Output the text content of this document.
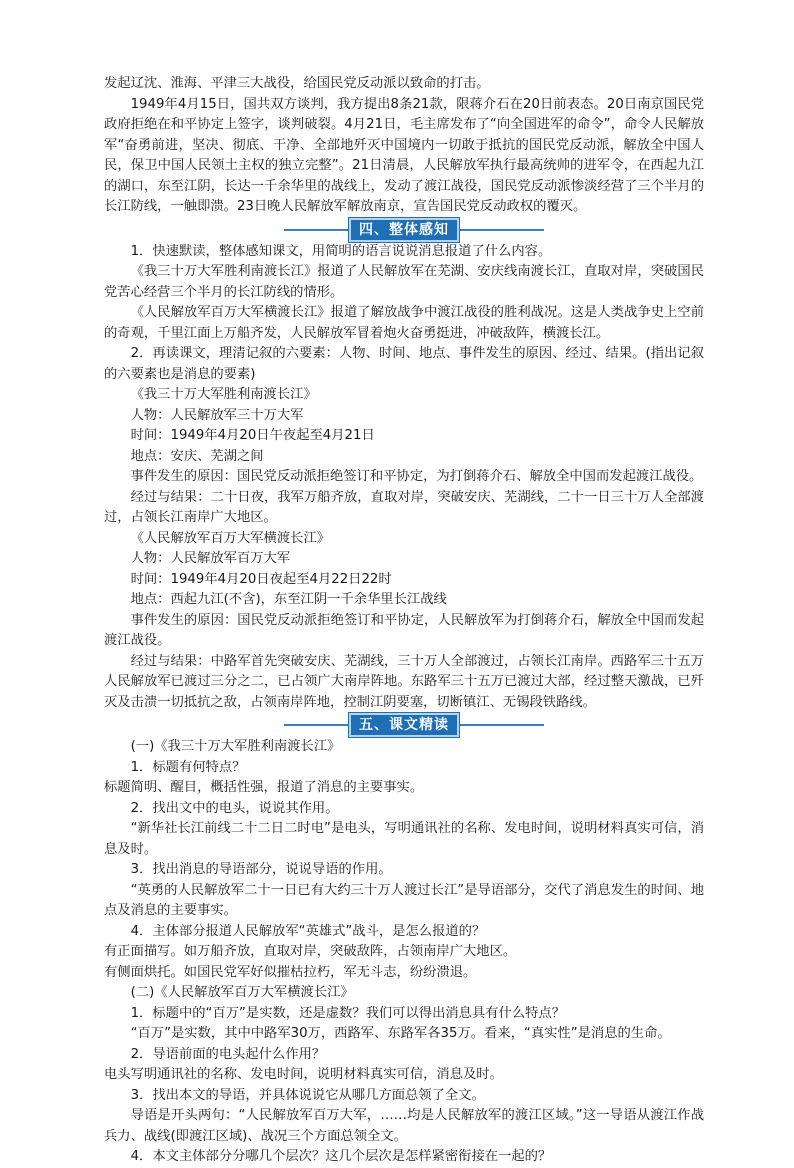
发起辽沈、淮海、平津三大战役，给国民党反动派以致命的打击。

1949年4月15日，国共双方谈判，我方提出8条21款，限蒋介石在20日前表态。20日南京国民党政府拒绝在和平协定上签字，谈判破裂。4月21日，毛主席发布了“向全国进军的命令”，命令人民解放军“奋勇前进，坚决、彻底、干净、全部地歼灭中国境内一切敢于抵抗的国民党反动派，解放全中国人民，保卫中国人民领土主权的独立完整”。21日清晨，人民解放军执行最高统帅的进军令，在西起九江的湖口，东至江阴，长达一千余华里的战线上，发动了渡江战役，国民党反动派惨淡经营了三个半月的长江防线，一触即溃。23日晚人民解放军解放南京，宣告国民党反动政权的覆灭。

四、整体感知

1．快速默读，整体感知课文，用简明的语言说说消息报道了什么内容。

《我三十万大军胜利南渡长江》报道了人民解放军在芜湖、安庆线南渡长江，直取对岸，突破国民党苦心经营三个半月的长江防线的情形。

《人民解放军百万大军横渡长江》报道了解放战争中渡江战役的胜利战况。这是人类战争史上空前的奇观，千里江面上万船齐发，人民解放军冒着炮火奋勇挺进，冲破敌阵，横渡长江。

2．再读课文，理清记叙的六要素：人物、时间、地点、事件发生的原因、经过、结果。(指出记叙的六要素也是消息的要素)

《我三十万大军胜利南渡长江》

人物：人民解放军三十万大军

时间：1949年4月20日午夜起至4月21日

地点：安庆、芜湖之间

事件发生的原因：国民党反动派拒绝签订和平协定，为打倒蒋介石、解放全中国而发起渡江战役。

经过与结果：二十日夜，我军万船齐放，直取对岸，突破安庆、芜湖线，二十一日三十万人全部渡过，占领长江南岸广大地区。

《人民解放军百万大军横渡长江》

人物：人民解放军百万大军

时间：1949年4月20日夜起至4月22日22时

地点：西起九江(不含)，东至江阴一千余华里长江战线

事件发生的原因：国民党反动派拒绝签订和平协定，人民解放军为打倒蒋介石，解放全中国而发起渡江战役。

经过与结果：中路军首先突破安庆、芜湖线，三十万人全部渡过，占领长江南岸。西路军三十五万人民解放军已渡过三分之二，已占领广大南岸阵地。东路军三十五万已渡过大部，经过整天激战，已歼灭及击溃一切抵抗之敌，占领南岸阵地，控制江阴要塞，切断镇江、无锡段铁路线。

五、课文精读

(一)《我三十万大军胜利南渡长江》

1．标题有何特点？

标题简明、醒目，概括性强，报道了消息的主要事实。

2．找出文中的电头，说说其作用。

“新华社长江前线二十二日二时电”是电头，写明通讯社的名称、发电时间，说明材料真实可信，消息及时。

3．找出消息的导语部分，说说导语的作用。

“英勇的人民解放军二十一日已有大约三十万人渡过长江”是导语部分，交代了消息发生的时间、地点及消息的主要事实。

4．主体部分报道人民解放军“英雄式”战斗，是怎么报道的？

有正面描写。如万船齐放，直取对岸，突破敌阵，占领南岸广大地区。

有侧面烘托。如国民党军好似摧枯拉朽，军无斗志，纷纷溃退。

(二)《人民解放军百万大军横渡长江》

1．标题中的“百万”是实数，还是虚数？我们可以得出消息具有什么特点？

“百万”是实数，其中中路军30万，西路军、东路军各35万。看来，“真实性”是消息的生命。

2．导语前面的电头起什么作用？

电头写明通讯社的名称、发电时间，说明材料真实可信，消息及时。

3．找出本文的导语，并具体说说它从哪几方面总领了全文。

导语是开头两句：“人民解放军百万大军，……均是人民解放军的渡江区域。”这一导语从渡江作战兵力、战线(即渡江区域)、战况三个方面总领全文。

4．本文主体部分分哪几个层次？这几个层次是怎样紧密衔接在一起的？
